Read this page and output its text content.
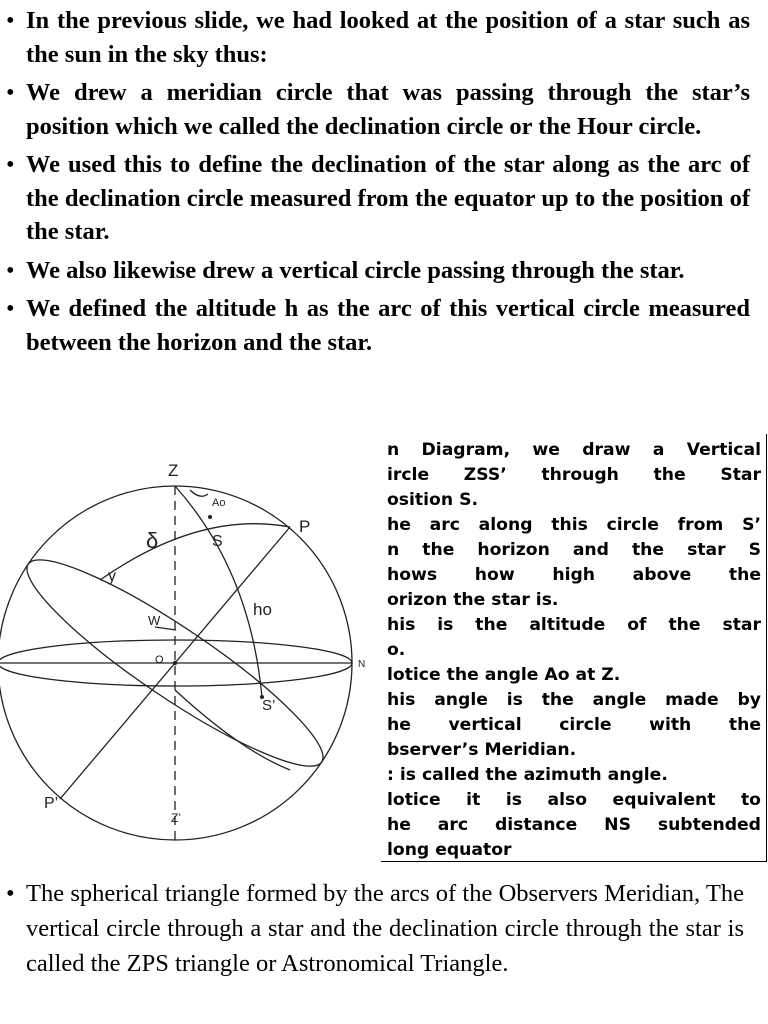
• In the previous slide, we had looked at the position of a star such as the sun in the sky thus:
• We drew a meridian circle that was passing through the star’s position which we called the declination circle or the Hour circle.
• We used this to define the declination of the star along as the arc of the declination circle measured from the equator up to the position of the star.
• We also likewise drew a vertical circle passing through the star.
• We defined the altitude h as the arc of this vertical circle measured between the horizon and the star.
Z
Ao
δ	S
P
y
ho
W
O	N
S’
P’
Z’
n Diagram, we draw a Vertical
ircle ZSS’ through the Star
osition S.
he arc along this circle from S’
n the horizon and the star S
hows how high above the
orizon the star is.
his is the altitude of the star
o.
lotice the angle Ao at Z.
his angle is the angle made by
he vertical circle with the
bserver’s Meridian.
: is called the azimuth angle.
lotice it is also equivalent to
he arc distance NS subtended
long equator
• The spherical triangle formed by the arcs of the Observers Meridian, The vertical circle through a star and the declination circle through the star is called the ZPS triangle or Astronomical Triangle.
